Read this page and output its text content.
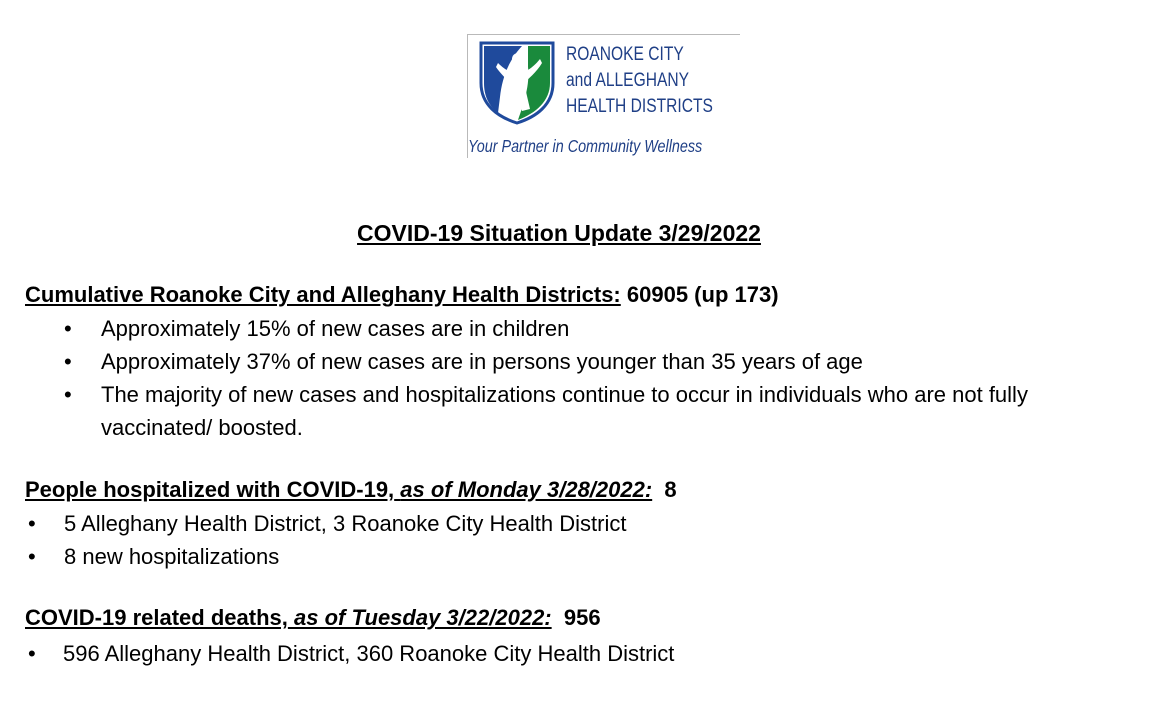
ROANOKE CITY
and ALLEGHANY
HEALTH DISTRICTS
Your Partner in Community Wellness
COVID-19 Situation Update 3/29/2022
Cumulative Roanoke City and Alleghany Health Districts: 60905 (up 173)
• Approximately 15% of new cases are in children
• Approximately 37% of new cases are in persons younger than 35 years of age
• The majority of new cases and hospitalizations continue to occur in individuals who are not fully vaccinated/ boosted.
People hospitalized with COVID-19, as of Monday 3/28/2022: 8
• 5 Alleghany Health District, 3 Roanoke City Health District
• 8 new hospitalizations
COVID-19 related deaths, as of Tuesday 3/22/2022: 956
• 596 Alleghany Health District, 360 Roanoke City Health District
